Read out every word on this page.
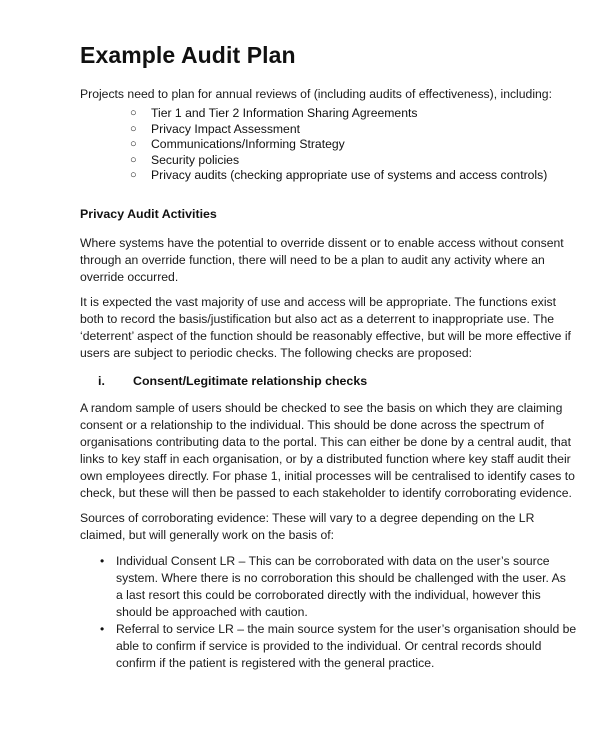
Example Audit Plan
Projects need to plan for annual reviews of (including audits of effectiveness), including:
○ Tier 1 and Tier 2 Information Sharing Agreements
○ Privacy Impact Assessment
○ Communications/Informing Strategy
○ Security policies
○ Privacy audits (checking appropriate use of systems and access controls)
Privacy Audit Activities
Where systems have the potential to override dissent or to enable access without consent
through an override function, there will need to be a plan to audit any activity where an
override occurred.
It is expected the vast majority of use and access will be appropriate. The functions exist
both to record the basis/justification but also act as a deterrent to inappropriate use. The
‘deterrent’ aspect of the function should be reasonably effective, but will be more effective if
users are subject to periodic checks. The following checks are proposed:
i. Consent/Legitimate relationship checks
A random sample of users should be checked to see the basis on which they are claiming
consent or a relationship to the individual. This should be done across the spectrum of
organisations contributing data to the portal. This can either be done by a central audit, that
links to key staff in each organisation, or by a distributed function where key staff audit their
own employees directly. For phase 1, initial processes will be centralised to identify cases to
check, but these will then be passed to each stakeholder to identify corroborating evidence.
Sources of corroborating evidence: These will vary to a degree depending on the LR
claimed, but will generally work on the basis of:
• Individual Consent LR – This can be corroborated with data on the user’s source
system. Where there is no corroboration this should be challenged with the user. As
a last resort this could be corroborated directly with the individual, however this
should be approached with caution.
• Referral to service LR – the main source system for the user’s organisation should be
able to confirm if service is provided to the individual. Or central records should
confirm if the patient is registered with the general practice.
